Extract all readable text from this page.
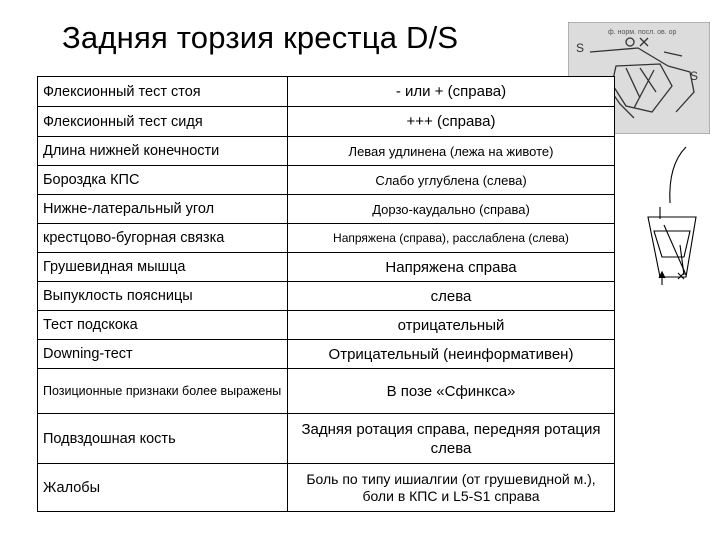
Задняя торзия крестца D/S	ф. норм. посл. ов. ор
S
S
Флексионный тест стоя	- или + (справа)
Флексионный тест сидя	+++ (справа)
Длина нижней конечности	Левая удлинена (лежа на животе)
Бороздка КПС	Слабо углублена (слева)
Нижне-латеральный угол	Дорзо-каудально (справа)
крестцово-бугорная связка	Напряжена (справа), расслаблена (слева)
Грушевидная мышца	Напряжена справа
Выпуклость поясницы	слева
Тест подскока	отрицательный
Downing-тест	Отрицательный (неинформативен)
Позиционные признаки более выражены	В позе «Сфинкса»
Подвздошная кость	Задняя ротация справа, передняя ротация слева
Жалобы	Боль по типу ишиалгии (от грушевидной м.), боли в КПС и L5-S1 справа
